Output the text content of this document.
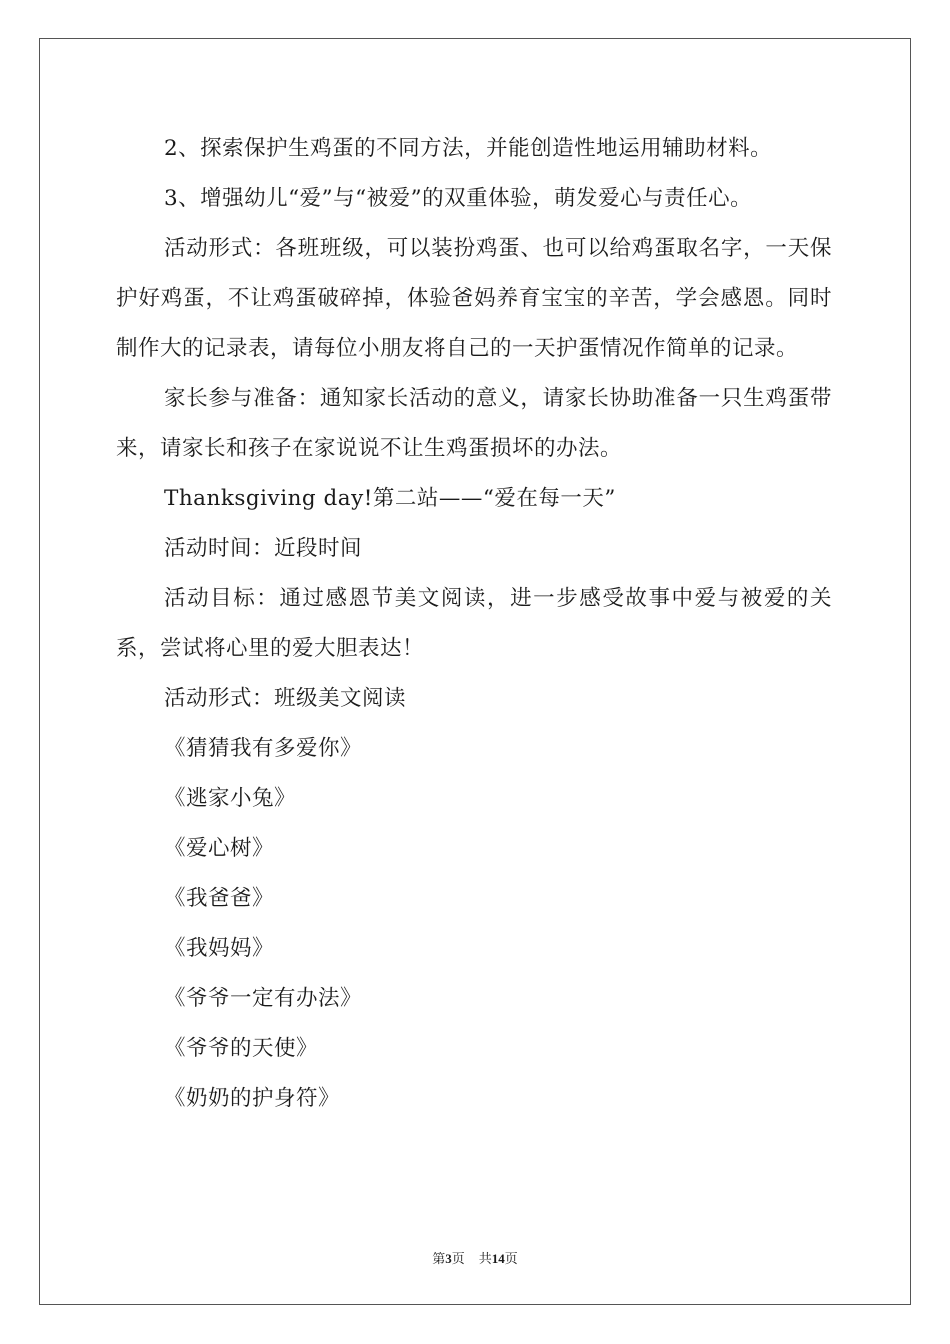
2、探索保护生鸡蛋的不同方法，并能创造性地运用辅助材料。

3、增强幼儿“爱”与“被爱”的双重体验，萌发爱心与责任心。

活动形式：各班班级，可以装扮鸡蛋、也可以给鸡蛋取名字，一天保护好鸡蛋，不让鸡蛋破碎掉，体验爸妈养育宝宝的辛苦，学会感恩。同时制作大的记录表，请每位小朋友将自己的一天护蛋情况作简单的记录。

家长参与准备：通知家长活动的意义，请家长协助准备一只生鸡蛋带来，请家长和孩子在家说说不让生鸡蛋损坏的办法。

Thanksgiving day!第二站——“爱在每一天”

活动时间：近段时间

活动目标：通过感恩节美文阅读，进一步感受故事中爱与被爱的关系，尝试将心里的爱大胆表达！

活动形式：班级美文阅读

《猜猜我有多爱你》

《逃家小兔》

《爱心树》

《我爸爸》

《我妈妈》

《爷爷一定有办法》

《爷爷的天使》

《奶奶的护身符》

第3页 共14页
